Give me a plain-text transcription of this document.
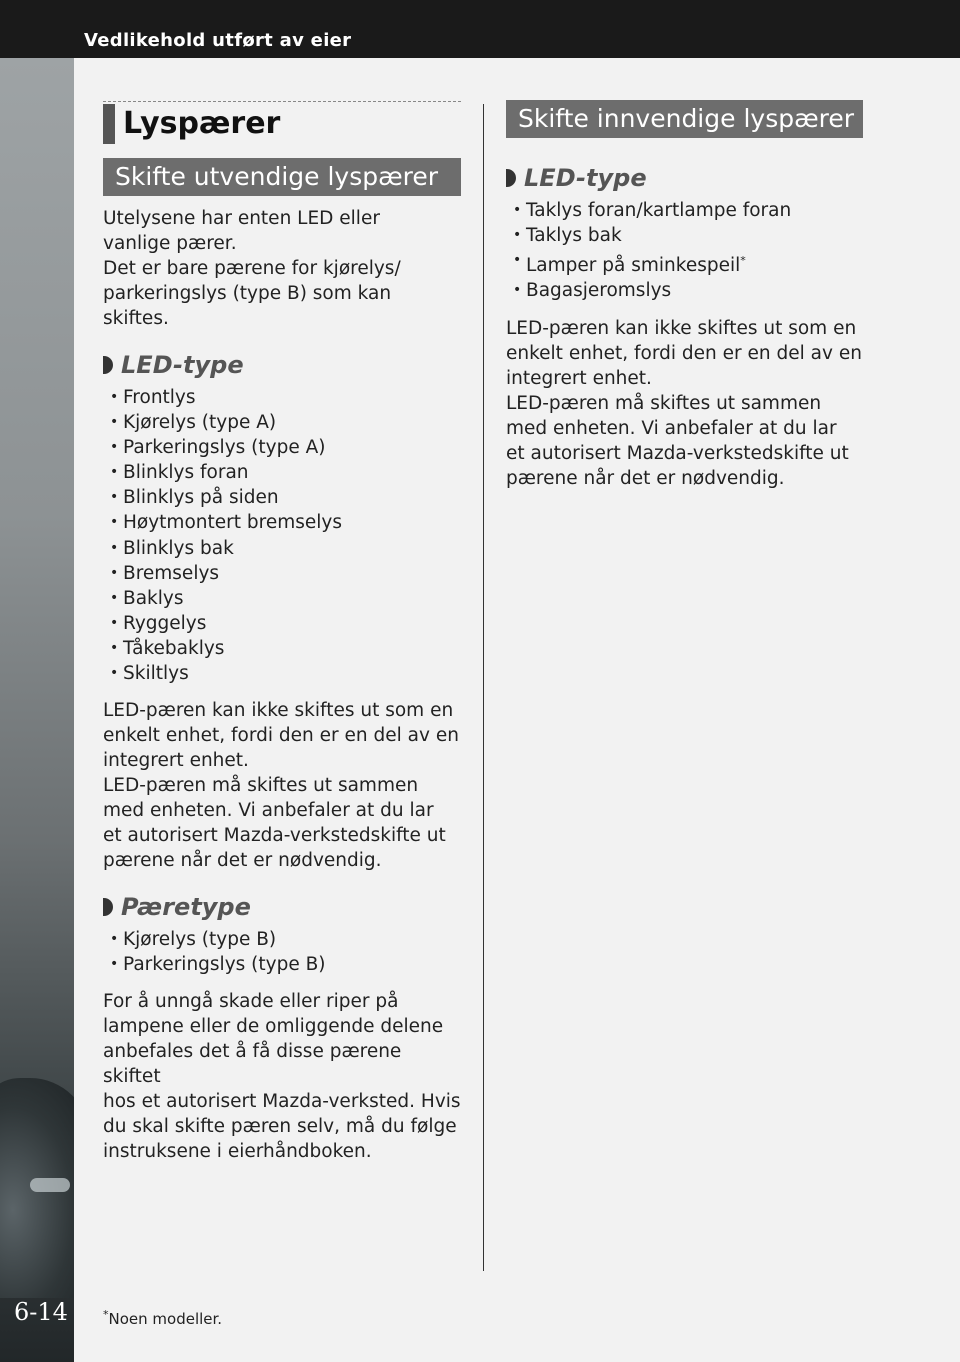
Vedlikehold utført av eier
6-14
Lyspærer
Skifte utvendige lyspærer
Utelysene har enten LED eller
vanlige pærer.
Det er bare pærene for kjørelys/
parkeringslys (type B) som kan skiftes.
LED-type
• Frontlys
• Kjørelys (type A)
• Parkeringslys (type A)
• Blinklys foran
• Blinklys på siden
• Høytmontert bremselys
• Blinklys bak
• Bremselys
• Baklys
• Ryggelys
• Tåkebaklys
• Skiltlys
LED-pæren kan ikke skiftes ut som en
enkelt enhet, fordi den er en del av en
integrert enhet.
LED-pæren må skiftes ut sammen
med enheten. Vi anbefaler at du lar
et autorisert Mazda-verkstedskifte ut
pærene når det er nødvendig.
Pæretype
• Kjørelys (type B)
• Parkeringslys (type B)
For å unngå skade eller riper på
lampene eller de omliggende delene
anbefales det å få disse pærene skiftet
hos et autorisert Mazda-verksted. Hvis
du skal skifte pæren selv, må du følge
instruksene i eierhåndboken.
Skifte innvendige lyspærer
LED-type
• Taklys foran/kartlampe foran
• Taklys bak
• Lamper på sminkespeil*
• Bagasjeromslys
LED-pæren kan ikke skiftes ut som en
enkelt enhet, fordi den er en del av en
integrert enhet.
LED-pæren må skiftes ut sammen
med enheten. Vi anbefaler at du lar
et autorisert Mazda-verkstedskifte ut
pærene når det er nødvendig.
*Noen modeller.
